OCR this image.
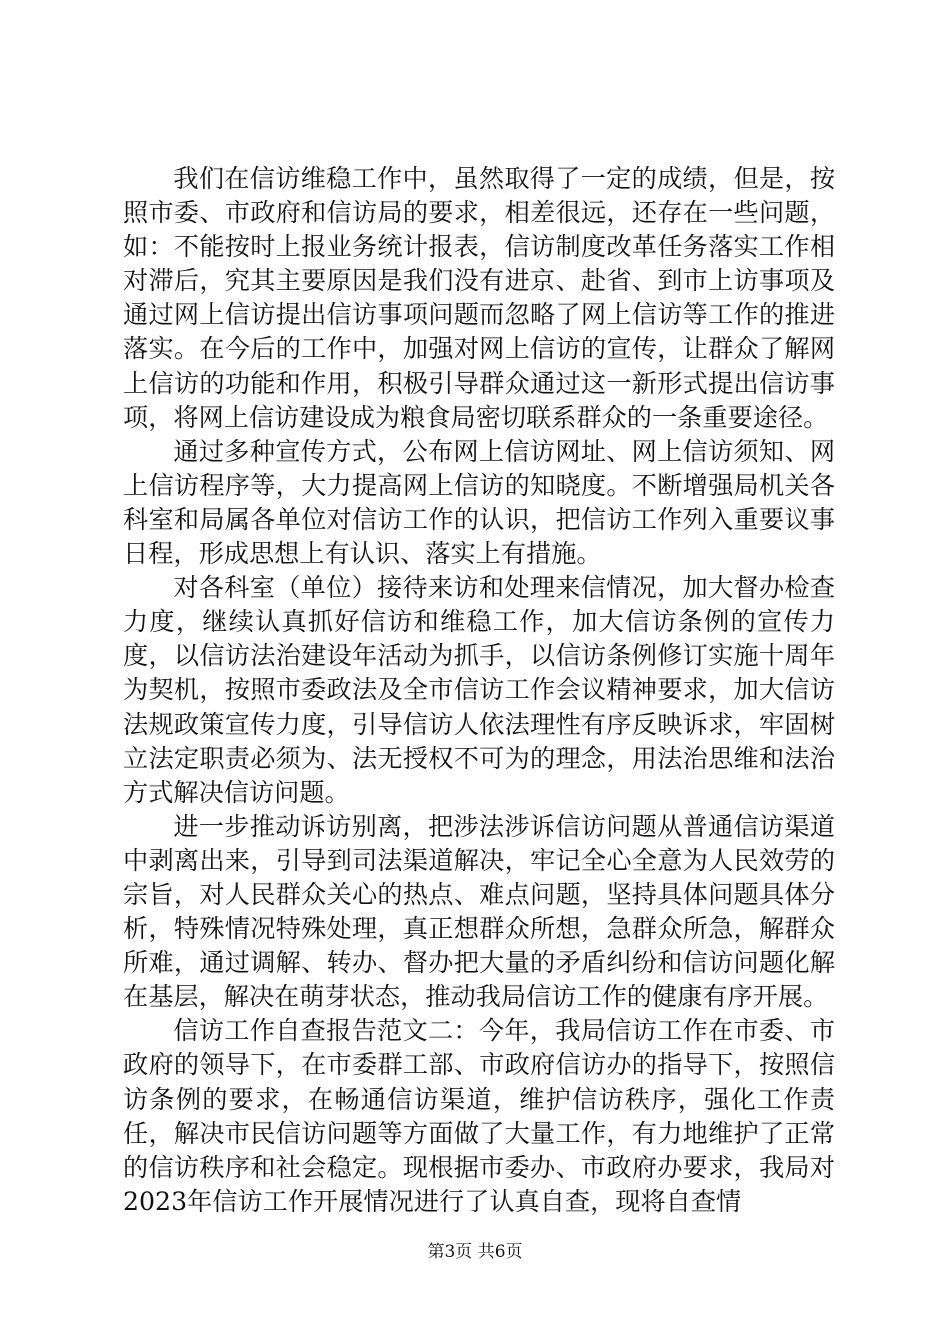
我们在信访维稳工作中，虽然取得了一定的成绩，但是，按照市委、市政府和信访局的要求，相差很远，还存在一些问题，如：不能按时上报业务统计报表，信访制度改革任务落实工作相对滞后，究其主要原因是我们没有进京、赴省、到市上访事项及通过网上信访提出信访事项问题而忽略了网上信访等工作的推进落实。在今后的工作中，加强对网上信访的宣传，让群众了解网上信访的功能和作用，积极引导群众通过这一新形式提出信访事项，将网上信访建设成为粮食局密切联系群众的一条重要途径。

通过多种宣传方式，公布网上信访网址、网上信访须知、网上信访程序等，大力提高网上信访的知晓度。不断增强局机关各科室和局属各单位对信访工作的认识，把信访工作列入重要议事日程，形成思想上有认识、落实上有措施。

对各科室（单位）接待来访和处理来信情况，加大督办检查力度，继续认真抓好信访和维稳工作，加大信访条例的宣传力度，以信访法治建设年活动为抓手，以信访条例修订实施十周年为契机，按照市委政法及全市信访工作会议精神要求，加大信访法规政策宣传力度，引导信访人依法理性有序反映诉求，牢固树立法定职责必须为、法无授权不可为的理念，用法治思维和法治方式解决信访问题。

进一步推动诉访别离，把涉法涉诉信访问题从普通信访渠道中剥离出来，引导到司法渠道解决，牢记全心全意为人民效劳的宗旨，对人民群众关心的热点、难点问题，坚持具体问题具体分析，特殊情况特殊处理，真正想群众所想，急群众所急，解群众所难，通过调解、转办、督办把大量的矛盾纠纷和信访问题化解在基层，解决在萌芽状态，推动我局信访工作的健康有序开展。

信访工作自查报告范文二：今年，我局信访工作在市委、市政府的领导下，在市委群工部、市政府信访办的指导下，按照信访条例的要求，在畅通信访渠道，维护信访秩序，强化工作责任，解决市民信访问题等方面做了大量工作，有力地维护了正常的信访秩序和社会稳定。现根据市委办、市政府办要求，我局对2023年信访工作开展情况进行了认真自查，现将自查情

第3页 共6页
